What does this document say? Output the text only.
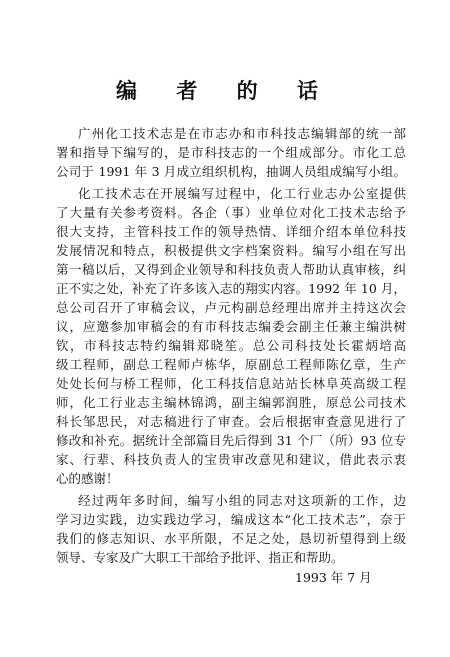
编 者 的 话
广州化工技术志是在市志办和市科技志编辑部的统一部
署和指导下编写的，是市科技志的一个组成部分。市化工总
公司于 1991 年 3 月成立组织机构，抽调人员组成编写小组。
化工技术志在开展编写过程中，化工行业志办公室提供
了大量有关参考资料。各企（事）业单位对化工技术志给予
很大支持，主管科技工作的领导热情、详细介绍本单位科技
发展情况和特点，积极提供文字档案资料。编写小组在写出
第一稿以后，又得到企业领导和科技负责人帮助认真审核，纠
正不实之处，补充了许多该入志的翔实内容。1992 年 10 月，
总公司召开了审稿会议，卢元构副总经理出席并主持这次会
议，应邀参加审稿会的有市科技志编委会副主任兼主编洪树
钦，市科技志特约编辑郑晓笙。总公司科技处长霍炳培高
级工程师，副总工程师卢栋华，原副总工程师陈亿章，生产
处处长何与桥工程师，化工科技信息站站长林阜英高级工程
师，化工行业志主编林锦鸿，副主编郭润胜，原总公司技术
科长邹思民，对志稿进行了审查。会后根据审查意见进行了
修改和补充。据统计全部篇目先后得到 31 个厂（所）93 位专
家、行辈、科技负责人的宝贵审改意见和建议，借此表示衷
心的感谢！
经过两年多时间，编写小组的同志对这项新的工作，边
学习边实践，边实践边学习，编成这本“化工技术志”，奈于
我们的修志知识、水平所限，不足之处，恳切祈望得到上级
领导、专家及广大职工干部给予批评、指正和帮助。
1993 年 7 月
